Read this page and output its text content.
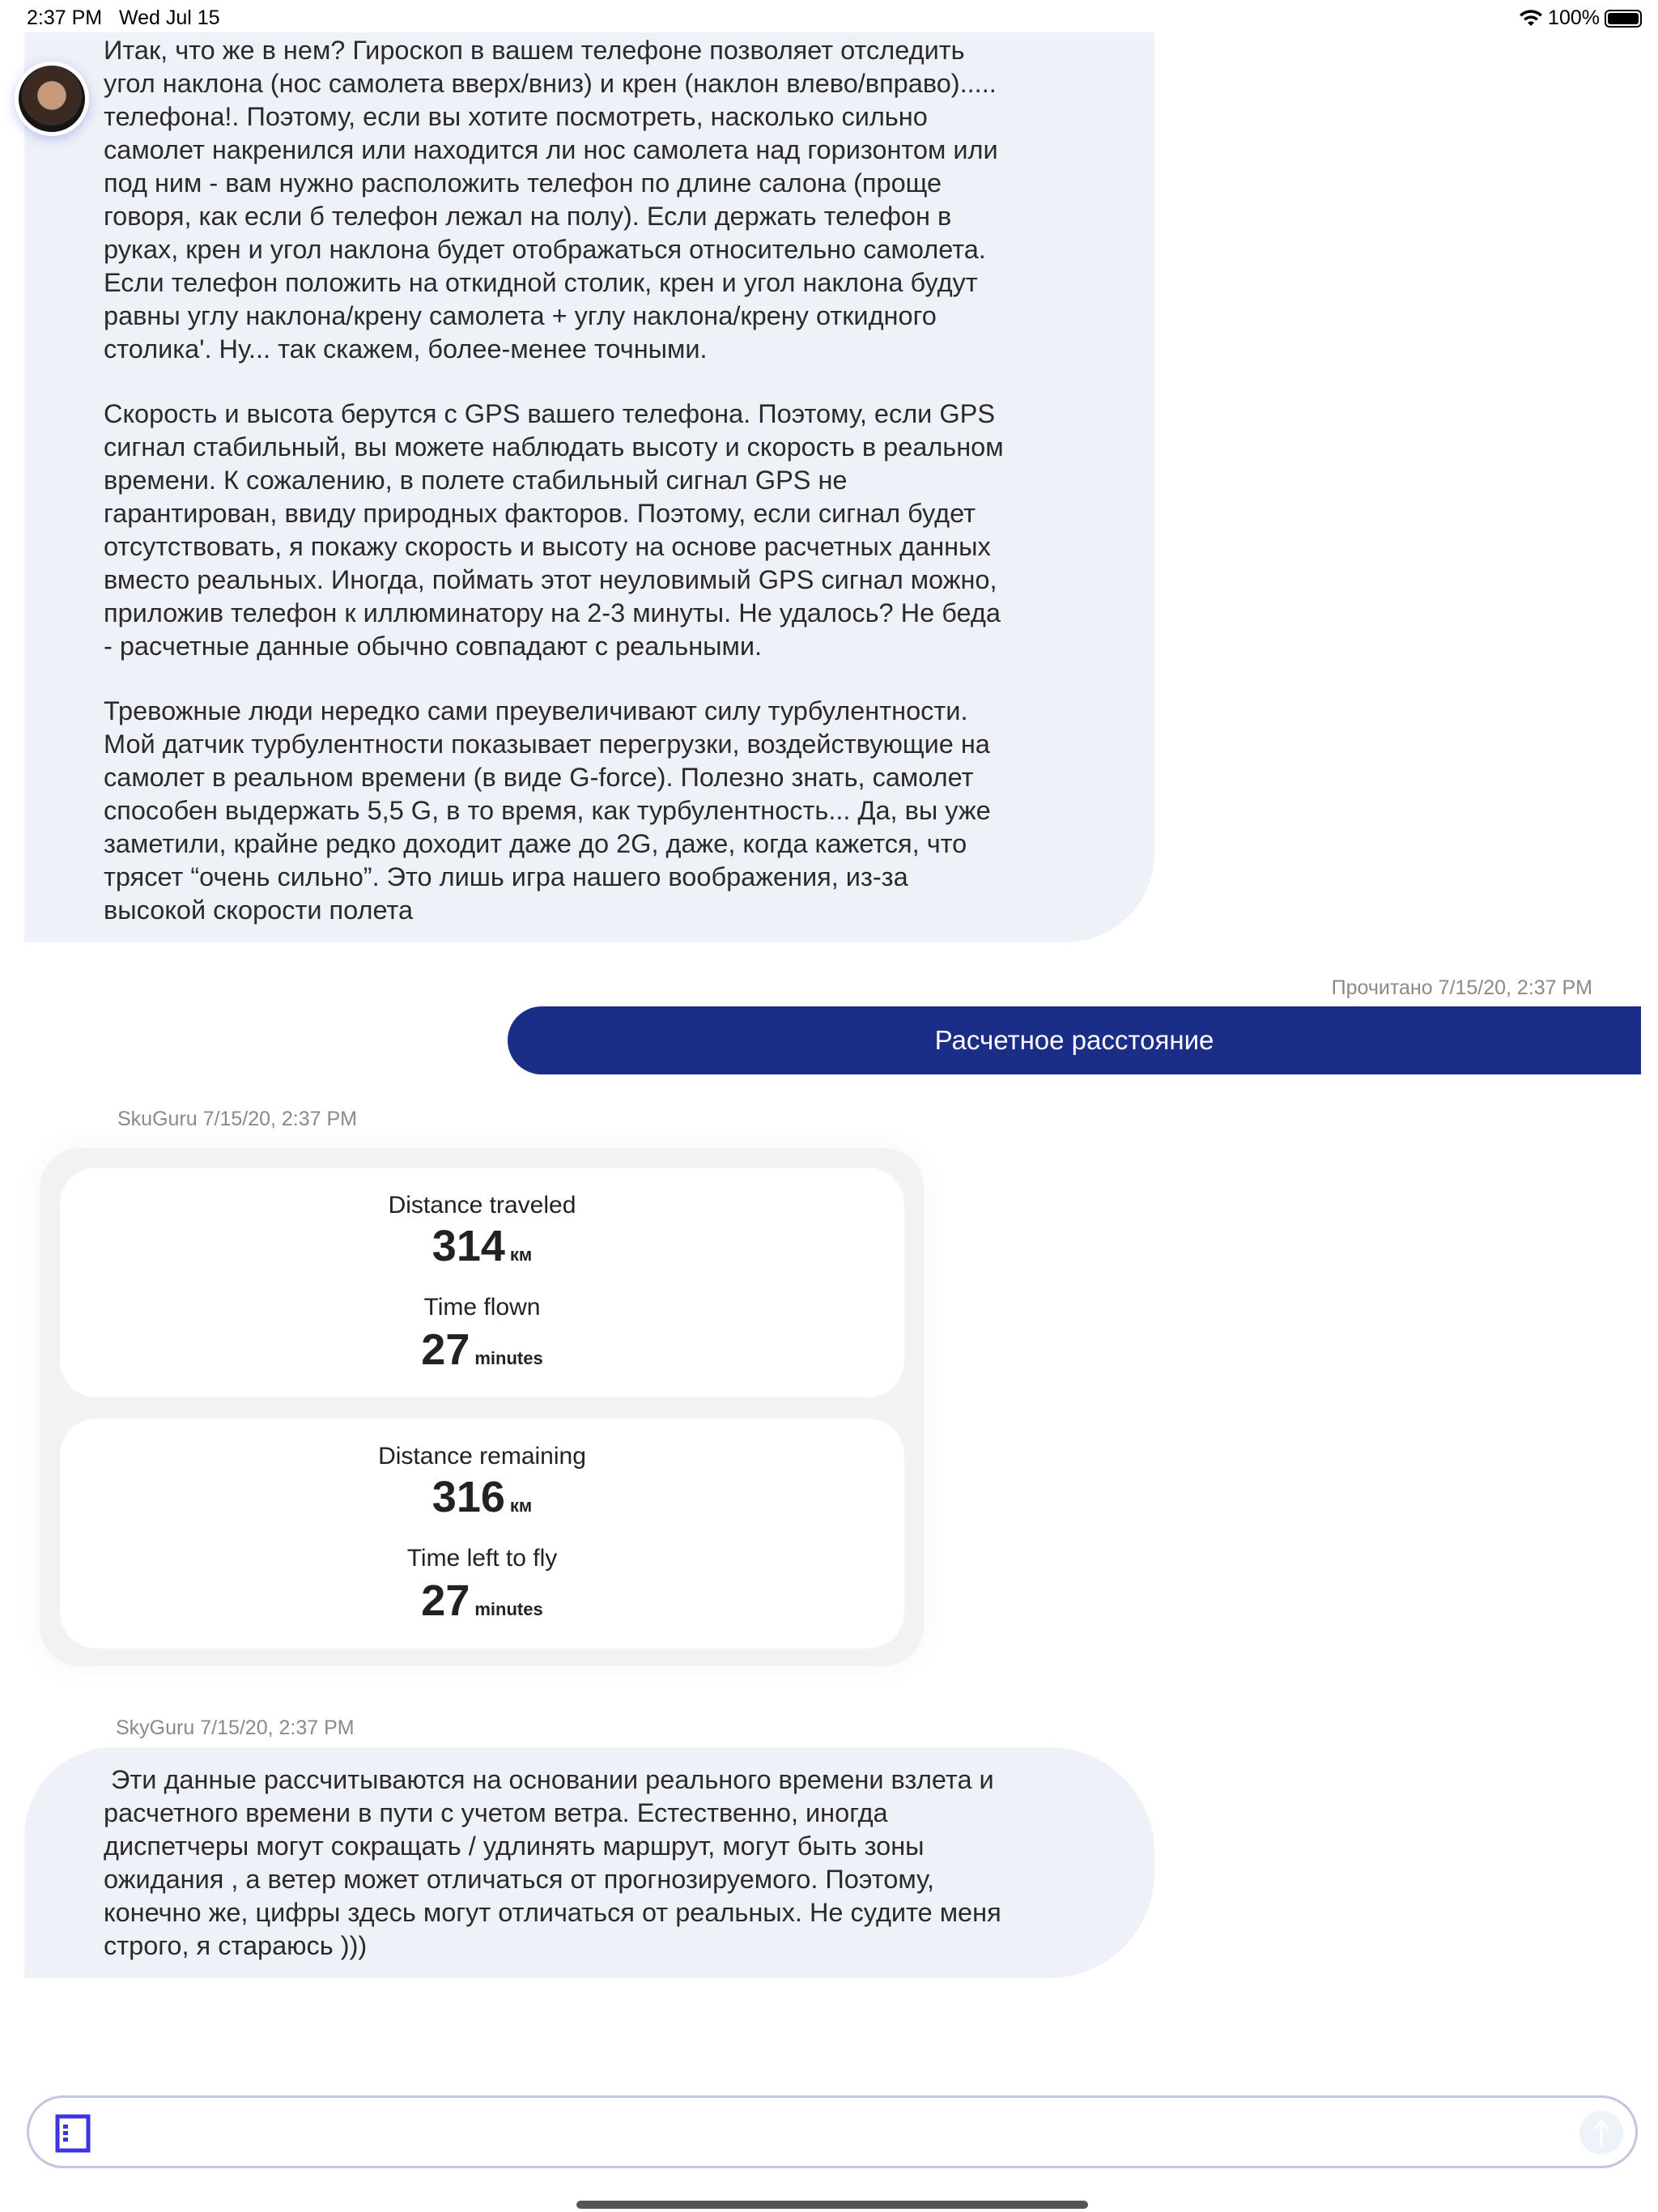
2:37 PM Wed Jul 15	100%
Итак, что же в нем? Гироскоп в вашем телефоне позволяет отследить
угол наклона (нос самолета вверх/вниз) и крен (наклон влево/вправо).....
телефона!. Поэтому, если вы хотите посмотреть, насколько сильно
самолет накренился или находится ли нос самолета над горизонтом или
под ним - вам нужно расположить телефон по длине салона (проще
говоря, как если б телефон лежал на полу). Если держать телефон в
руках, крен и угол наклона будет отображаться относительно самолета.
Если телефон положить на откидной столик, крен и угол наклона будут
равны углу наклона/крену самолета + углу наклона/крену откидного
столика'. Ну... так скажем, более-менее точными.
Скорость и высота берутся с GPS вашего телефона. Поэтому, если GPS
сигнал стабильный, вы можете наблюдать высоту и скорость в реальном
времени. К сожалению, в полете стабильный сигнал GPS не
гарантирован, ввиду природных факторов. Поэтому, если сигнал будет
отсутствовать, я покажу скорость и высоту на основе расчетных данных
вместо реальных. Иногда, поймать этот неуловимый GPS сигнал можно,
приложив телефон к иллюминатору на 2-3 минуты. Не удалось? Не беда
- расчетные данные обычно совпадают с реальными.
Тревожные люди нередко сами преувеличивают силу турбулентности.
Мой датчик турбулентности показывает перегрузки, воздействующие на
самолет в реальном времени (в виде G-force). Полезно знать, самолет
способен выдержать 5,5 G, в то время, как турбулентность... Да, вы уже
заметили, крайне редко доходит даже до 2G, даже, когда кажется, что
трясет “очень сильно”. Это лишь игра нашего воображения, из-за
высокой скорости полета
Прочитано 7/15/20, 2:37 PM
Расчетное расстояние
SkuGuru 7/15/20, 2:37 PM
Distance traveled
314 км
Time flown
27 minutes
Distance remaining
316 км
Time left to fly
27 minutes
SkyGuru 7/15/20, 2:37 PM
Эти данные рассчитываются на основании реального времени взлета и
расчетного времени в пути с учетом ветра. Естественно, иногда
диспетчеры могут сокращать / удлинять маршрут, могут быть зоны
ожидания , а ветер может отличаться от прогнозируемого. Поэтому,
конечно же, цифры здесь могут отличаться от реальных. Не судите меня
строго, я стараюсь )))
